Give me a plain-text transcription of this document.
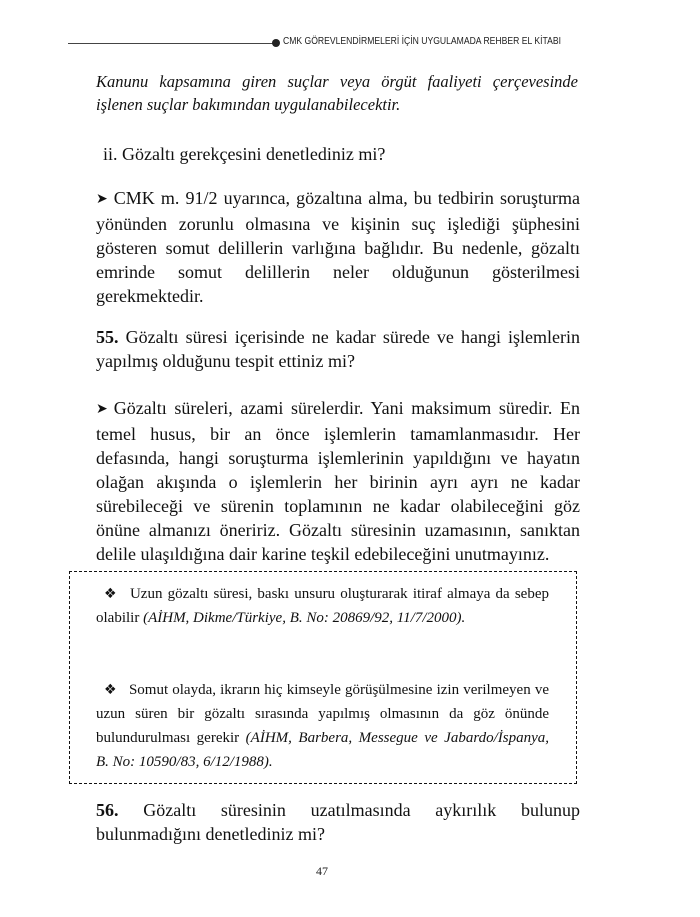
CMK GÖREVLENDİRMELERİ İÇİN UYGULAMADA REHBER EL KİTABI
Kanunu kapsamına giren suçlar veya örgüt faaliyeti çerçevesinde işlenen suçlar bakımından uygulanabilecektir.
ii. Gözaltı gerekçesini denetlediniz mi?
➤ CMK m. 91/2 uyarınca, gözaltına alma, bu tedbirin soruşturma yönünden zorunlu olmasına ve kişinin suç işlediği şüphesini gösteren somut delillerin varlığına bağlıdır. Bu nedenle, gözaltı emrinde somut delillerin neler olduğunun gösterilmesi gerekmektedir.
55. Gözaltı süresi içerisinde ne kadar sürede ve hangi işlemlerin yapılmış olduğunu tespit ettiniz mi?
➤ Gözaltı süreleri, azami sürelerdir. Yani maksimum süredir. En temel husus, bir an önce işlemlerin tamamlanmasıdır. Her defasında, hangi soruşturma işlemlerinin yapıldığını ve hayatın olağan akışında o işlemlerin her birinin ayrı ayrı ne kadar sürebileceği ve sürenin toplamının ne kadar olabileceğini göz önüne almanızı öneririz. Gözaltı süresinin uzamasının, sanıktan delile ulaşıldığına dair karine teşkil edebileceğini unutmayınız.
❖ Uzun gözaltı süresi, baskı unsuru oluşturarak itiraf almaya da sebep olabilir (AİHM, Dikme/Türkiye, B. No: 20869/92, 11/7/2000).
❖ Somut olayda, ikrarın hiç kimseyle görüşülmesine izin verilmeyen ve uzun süren bir gözaltı sırasında yapılmış olmasının da göz önünde bulundurulması gerekir (AİHM, Barbera, Messegue ve Jabardo/İspanya, B. No: 10590/83, 6/12/1988).
56. Gözaltı süresinin uzatılmasında aykırılık bulunup bulunmadığını denetlediniz mi?
47
